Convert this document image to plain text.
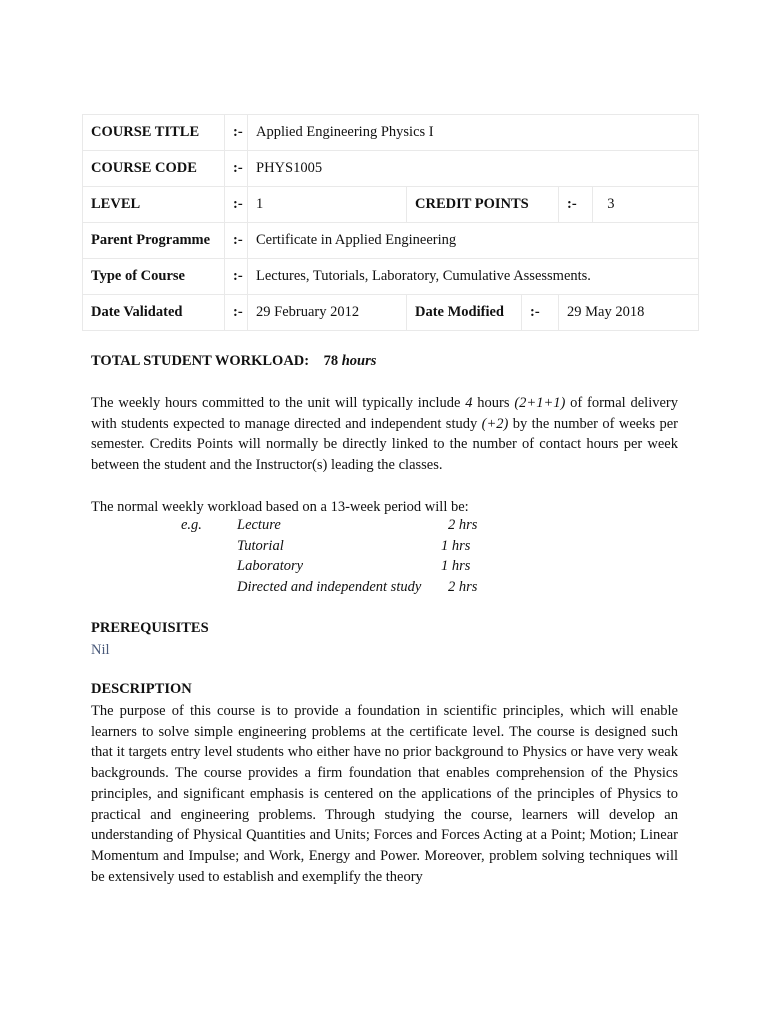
COURSE TITLE	:-	Applied Engineering Physics I		
COURSE CODE	:-	PHYS1005		
LEVEL	:-	1	CREDIT POINTS	:- 3
Parent Programme	:-	Certificate in Applied Engineering		
Type of Course	:-	Lectures, Tutorials, Laboratory, Cumulative Assessments.		
Date Validated	:-	29 February 2012	Date Modified :-	29 May 2018
TOTAL STUDENT WORKLOAD: 78 hours
The weekly hours committed to the unit will typically include 4 hours (2+1+1) of formal delivery with students expected to manage directed and independent study (+2) by the number of weeks per semester. Credits Points will normally be directly linked to the number of contact hours per week between the student and the Instructor(s) leading the classes.
The normal weekly workload based on a 13-week period will be:
e.g. Lecture	2 hrs
Tutorial	1 hrs
Laboratory	1 hrs
Directed and independent study 2 hrs
PREREQUISITES
Nil
DESCRIPTION
The purpose of this course is to provide a foundation in scientific principles, which will enable learners to solve simple engineering problems at the certificate level. The course is designed such that it targets entry level students who either have no prior background to Physics or have very weak backgrounds. The course provides a firm foundation that enables comprehension of the Physics principles, and significant emphasis is centered on the applications of the principles of Physics to practical and engineering problems. Through studying the course, learners will develop an understanding of Physical Quantities and Units; Forces and Forces Acting at a Point; Motion; Linear Momentum and Impulse; and Work, Energy and Power. Moreover, problem solving techniques will be extensively used to establish and exemplify the theory
